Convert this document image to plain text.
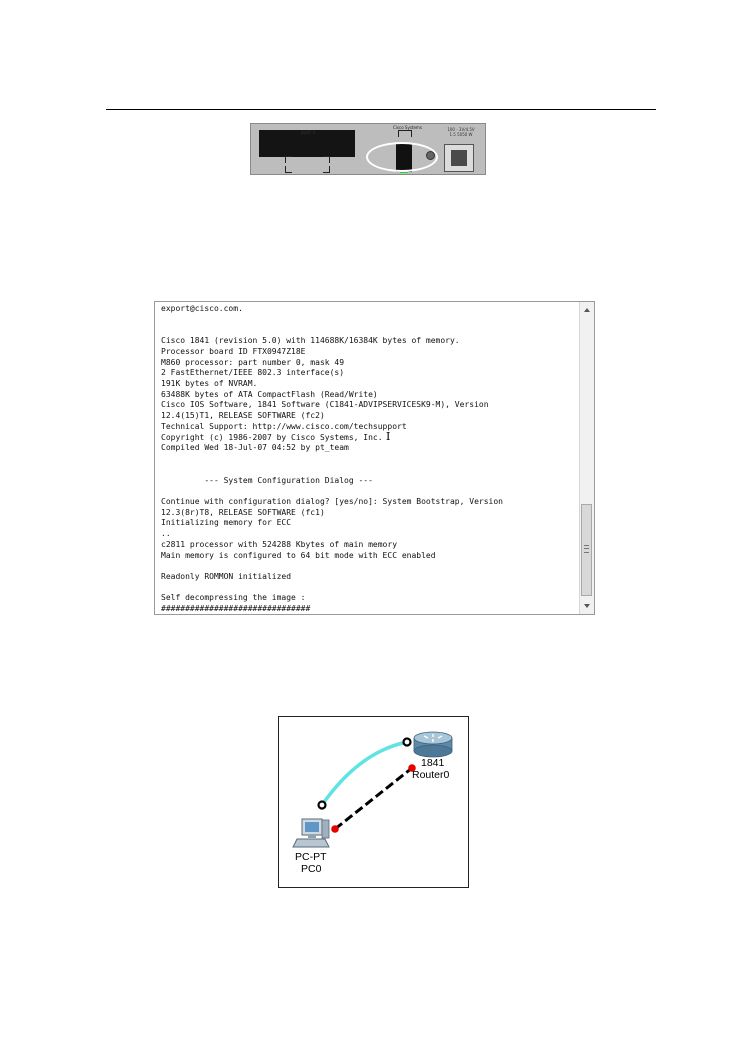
SLOT 0
Cisco Systems	100 - 3V/4.5V 1.5 5050 W
export@cisco.com.

Cisco 1841 (revision 5.0) with 114688K/16384K bytes of memory.
Processor board ID FTX0947Z18E
M860 processor: part number 0, mask 49
2 FastEthernet/IEEE 802.3 interface(s)
191K bytes of NVRAM.
63488K bytes of ATA CompactFlash (Read/Write)
Cisco IOS Software, 1841 Software (C1841-ADVIPSERVICESK9-M), Version
12.4(15)T1, RELEASE SOFTWARE (fc2)
Technical Support: http://www.cisco.com/techsupport
Copyright (c) 1986-2007 by Cisco Systems, Inc.
Compiled Wed 18-Jul-07 04:52 by pt_team

--- System Configuration Dialog ---

Continue with configuration dialog? [yes/no]: System Bootstrap, Version
12.3(8r)T8, RELEASE SOFTWARE (fc1)
Initializing memory for ECC
..
c2811 processor with 524288 Kbytes of main memory
Main memory is configured to 64 bit mode with ECC enabled

Readonly ROMMON initialized

Self decompressing the image :
###############################
I
1841
Router0
PC-PT
PC0
